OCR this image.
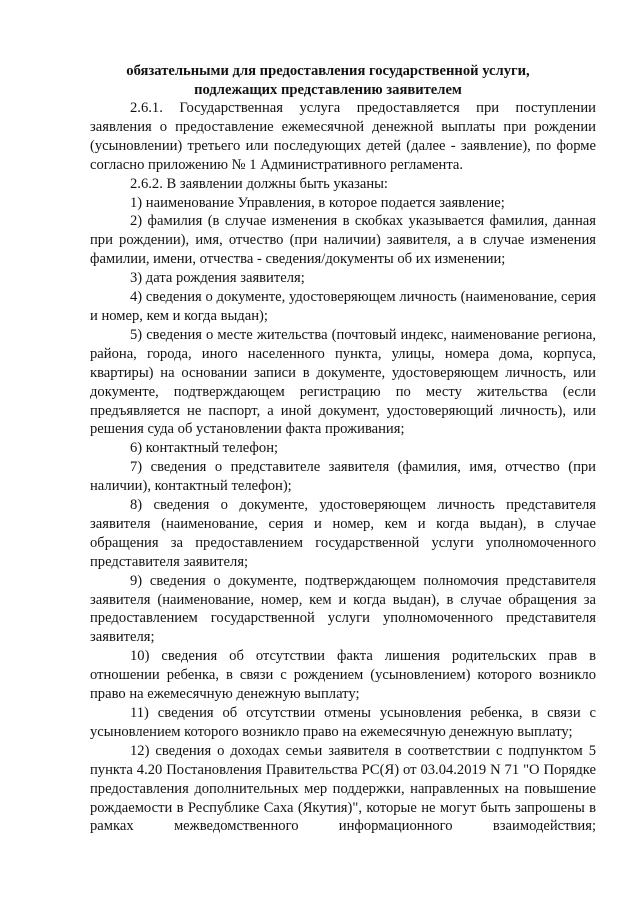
обязательными для предоставления государственной услуги,
подлежащих представлению заявителем

2.6.1. Государственная услуга предоставляется при поступлении заявления о предоставление ежемесячной денежной выплаты при рождении (усыновлении) третьего или последующих детей (далее - заявление), по форме согласно приложению № 1 Административного регламента.

2.6.2. В заявлении должны быть указаны:

1) наименование Управления, в которое подается заявление;

2) фамилия (в случае изменения в скобках указывается фамилия, данная при рождении), имя, отчество (при наличии) заявителя, а в случае изменения фамилии, имени, отчества - сведения/документы об их изменении;

3) дата рождения заявителя;

4) сведения о документе, удостоверяющем личность (наименование, серия и номер, кем и когда выдан);

5) сведения о месте жительства (почтовый индекс, наименование региона, района, города, иного населенного пункта, улицы, номера дома, корпуса, квартиры) на основании записи в документе, удостоверяющем личность, или документе, подтверждающем регистрацию по месту жительства (если предъявляется не паспорт, а иной документ, удостоверяющий личность), или решения суда об установлении факта проживания;

6) контактный телефон;

7) сведения о представителе заявителя (фамилия, имя, отчество (при наличии), контактный телефон);

8) сведения о документе, удостоверяющем личность представителя заявителя (наименование, серия и номер, кем и когда выдан), в случае обращения за предоставлением государственной услуги уполномоченного представителя заявителя;

9) сведения о документе, подтверждающем полномочия представителя заявителя (наименование, номер, кем и когда выдан), в случае обращения за предоставлением государственной услуги уполномоченного представителя заявителя;

10) сведения об отсутствии факта лишения родительских прав в отношении ребенка, в связи с рождением (усыновлением) которого возникло право на ежемесячную денежную выплату;

11) сведения об отсутствии отмены усыновления ребенка, в связи с усыновлением которого возникло право на ежемесячную денежную выплату;

12) сведения о доходах семьи заявителя в соответствии с подпунктом 5 пункта 4.20 Постановления Правительства РС(Я) от 03.04.2019 N 71 "О Порядке предоставления дополнительных мер поддержки, направленных на повышение рождаемости в Республике Саха (Якутия)", которые не могут быть запрошены в рамках межведомственного информационного взаимодействия;
